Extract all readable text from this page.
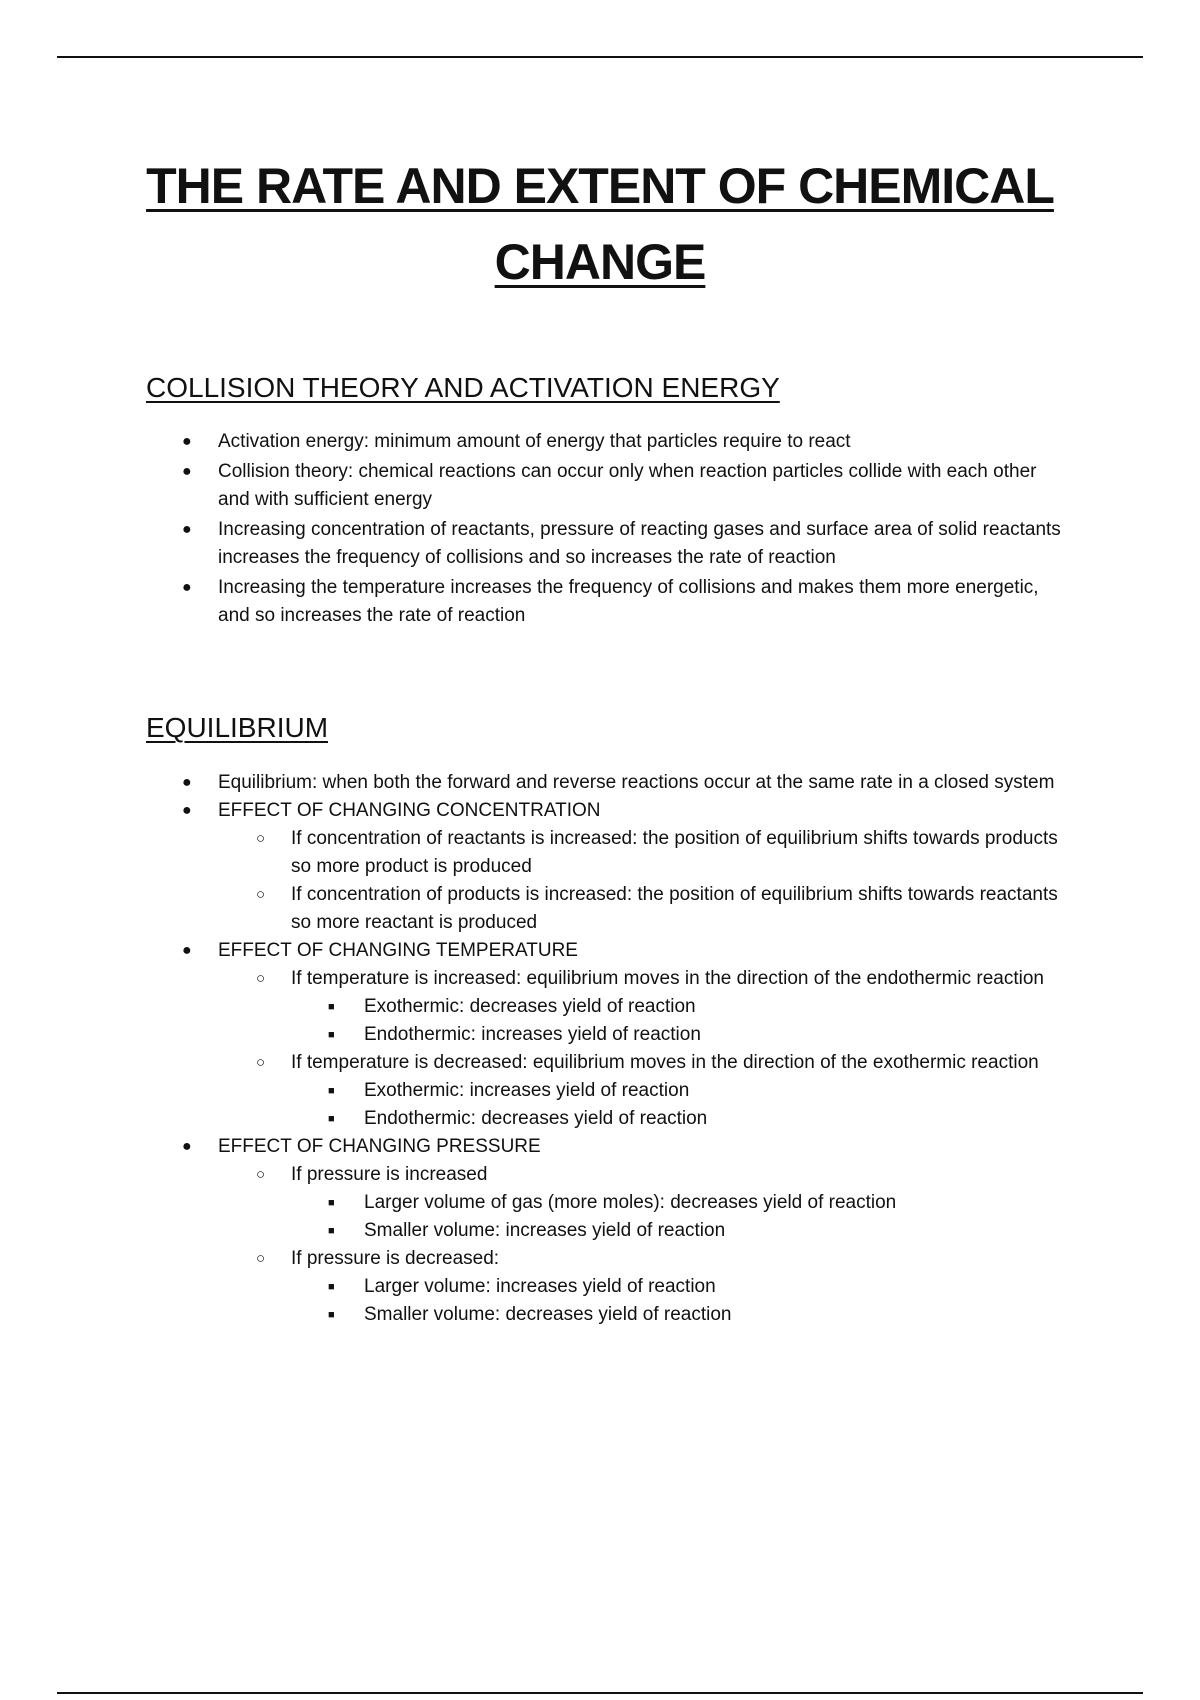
THE RATE AND EXTENT OF CHEMICAL CHANGE
COLLISION THEORY AND ACTIVATION ENERGY
● Activation energy: minimum amount of energy that particles require to react
● Collision theory: chemical reactions can occur only when reaction particles collide with each other and with sufficient energy
● Increasing concentration of reactants, pressure of reacting gases and surface area of solid reactants increases the frequency of collisions and so increases the rate of reaction
● Increasing the temperature increases the frequency of collisions and makes them more energetic, and so increases the rate of reaction
EQUILIBRIUM
● Equilibrium: when both the forward and reverse reactions occur at the same rate in a closed system
● EFFECT OF CHANGING CONCENTRATION
○ If concentration of reactants is increased: the position of equilibrium shifts towards products so more product is produced
○ If concentration of products is increased: the position of equilibrium shifts towards reactants so more reactant is produced
● EFFECT OF CHANGING TEMPERATURE
○ If temperature is increased: equilibrium moves in the direction of the endothermic reaction
■ Exothermic: decreases yield of reaction
■ Endothermic: increases yield of reaction
○ If temperature is decreased: equilibrium moves in the direction of the exothermic reaction
■ Exothermic: increases yield of reaction
■ Endothermic: decreases yield of reaction
● EFFECT OF CHANGING PRESSURE
○ If pressure is increased
■ Larger volume of gas (more moles): decreases yield of reaction
■ Smaller volume: increases yield of reaction
○ If pressure is decreased:
■ Larger volume: increases yield of reaction
■ Smaller volume: decreases yield of reaction
